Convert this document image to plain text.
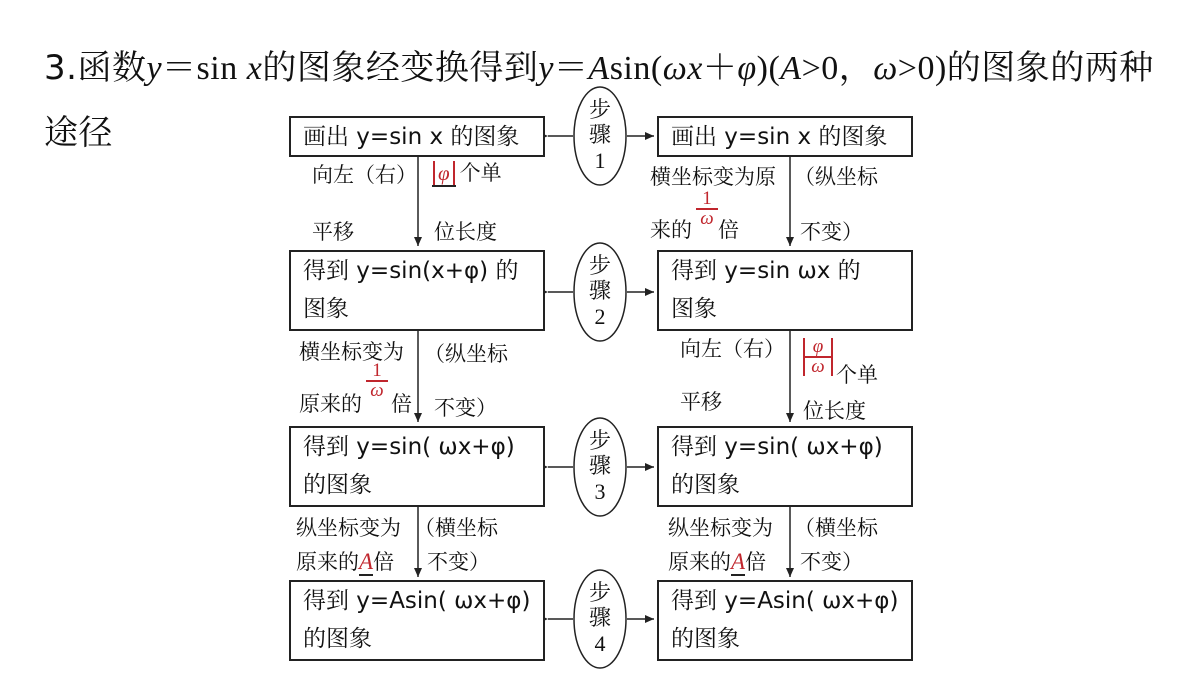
3.函数y＝sin x的图象经变换得到y＝Asin(ωx＋φ)(A>0，ω>0)的图象的两种
途径
步骤
1
步骤
2
步骤
3
步骤
4
画出 y=sin x 的图象
得到 y=sin(x+φ) 的
图象
得到 y=sin( ωx+φ)
的图象
得到 y=Asin( ωx+φ)
的图象
画出 y=sin x 的图象
得到 y=sin ωx 的
图象
得到 y=sin( ωx+φ)
的图象
得到 y=Asin( ωx+φ)
的图象
向左（右） φ 个单
平移	位长度
横坐标变为 （纵坐标
$\frac{1}{\omega}$
原来的 倍 不变）
纵坐标变为 （横坐标
原来的A倍 不变）
横坐标变为原 （纵坐标
$\frac{1}{\omega}$
来的 倍	不变）
向左（右） $\frac{\varphi}{\omega}$ 个单
平移	位长度
纵坐标变为 （横坐标
原来的A倍 不变）
